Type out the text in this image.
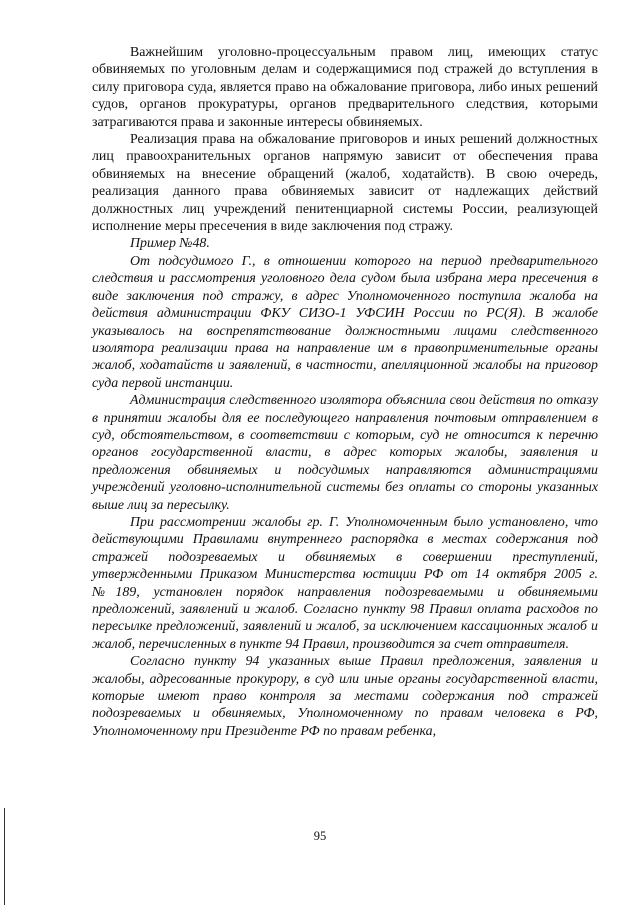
Важнейшим уголовно-процессуальным правом лиц, имеющих статус обвиняемых по уголовным делам и содержащимися под стражей до вступления в силу приговора суда, является право на обжалование приговора, либо иных решений судов, органов прокуратуры, органов предварительного следствия, которыми затрагиваются права и законные интересы обвиняемых.

Реализация права на обжалование приговоров и иных решений должностных лиц правоохранительных органов напрямую зависит от обеспечения права обвиняемых на внесение обращений (жалоб, ходатайств). В свою очередь, реализация данного права обвиняемых зависит от надлежащих действий должностных лиц учреждений пенитенциарной системы России, реализующей исполнение меры пресечения в виде заключения под стражу.

Пример №48.

От подсудимого Г., в отношении которого на период предварительного следствия и рассмотрения уголовного дела судом была избрана мера пресечения в виде заключения под стражу, в адрес Уполномоченного поступила жалоба на действия администрации ФКУ СИЗО-1 УФСИН России по РС(Я). В жалобе указывалось на воспрепятствование должностными лицами следственного изолятора реализации права на направление им в правоприменительные органы жалоб, ходатайств и заявлений, в частности, апелляционной жалобы на приговор суда первой инстанции.

Администрация следственного изолятора объяснила свои действия по отказу в принятии жалобы для ее последующего направления почтовым отправлением в суд, обстоятельством, в соответствии с которым, суд не относится к перечню органов государственной власти, в адрес которых жалобы, заявления и предложения обвиняемых и подсудимых направляются администрациями учреждений уголовно-исполнительной системы без оплаты со стороны указанных выше лиц за пересылку.

При рассмотрении жалобы гр. Г. Уполномоченным было установлено, что действующими Правилами внутреннего распорядка в местах содержания под стражей подозреваемых и обвиняемых в совершении преступлений, утвержденными Приказом Министерства юстиции РФ от 14 октября 2005 г. №189, установлен порядок направления подозреваемыми и обвиняемыми предложений, заявлений и жалоб. Согласно пункту 98 Правил оплата расходов по пересылке предложений, заявлений и жалоб, за исключением кассационных жалоб и жалоб, перечисленных в пункте 94 Правил, производится за счет отправителя.

Согласно пункту 94 указанных выше Правил предложения, заявления и жалобы, адресованные прокурору, в суд или иные органы государственной власти, которые имеют право контроля за местами содержания под стражей подозреваемых и обвиняемых, Уполномоченному по правам человека в РФ, Уполномоченному при Президенте РФ по правам ребенка,

95
